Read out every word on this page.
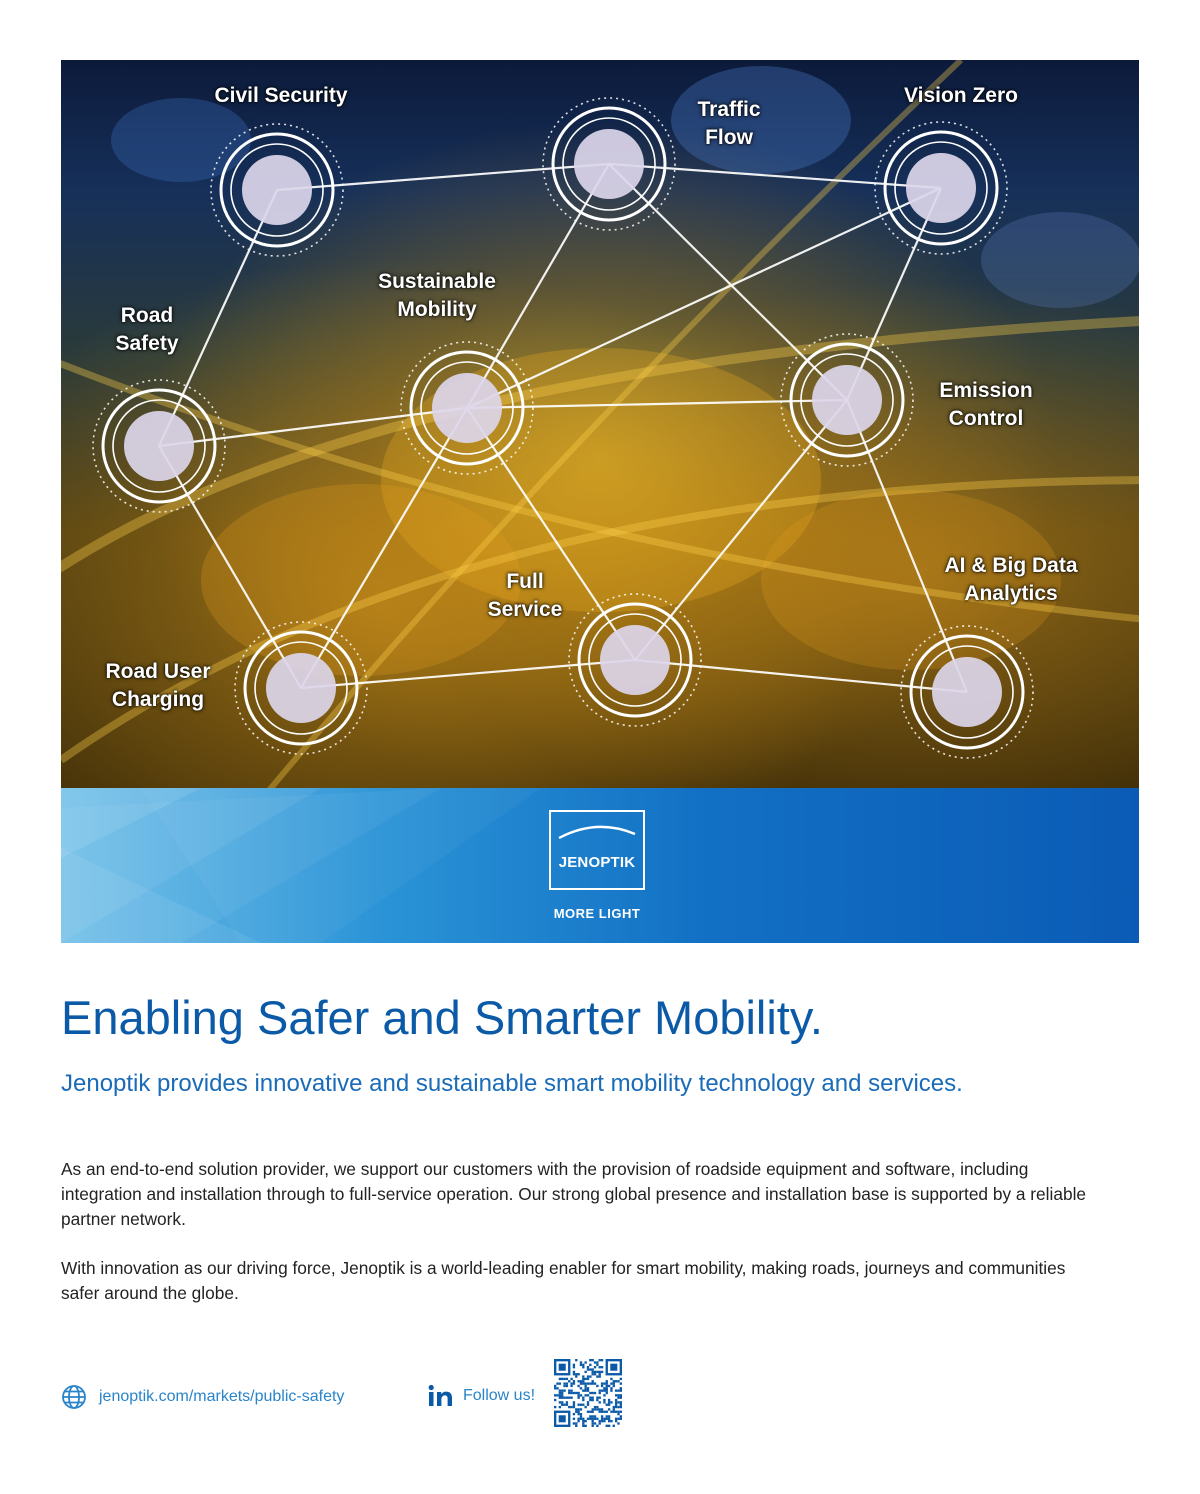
Civil Security
Traffic
Flow
Vision Zero
Road
Safety
Sustainable
Mobility
Emission
Control
Full
Service
AI & Big Data
Analytics
Road User
Charging
JENOPTIK
MORE LIGHT
Enabling Safer and Smarter Mobility.
Jenoptik provides innovative and sustainable smart mobility technology and services.

As an end-to-end solution provider, we support our customers with the provision of roadside equipment and software, including integration and installation through to full-service operation. Our strong global presence and installation base is supported by a reliable partner network.

With innovation as our driving force, Jenoptik is a world-leading enabler for smart mobility, making roads, journeys and communities safer around the globe.

jenoptik.com/markets/public-safety	Follow us!
